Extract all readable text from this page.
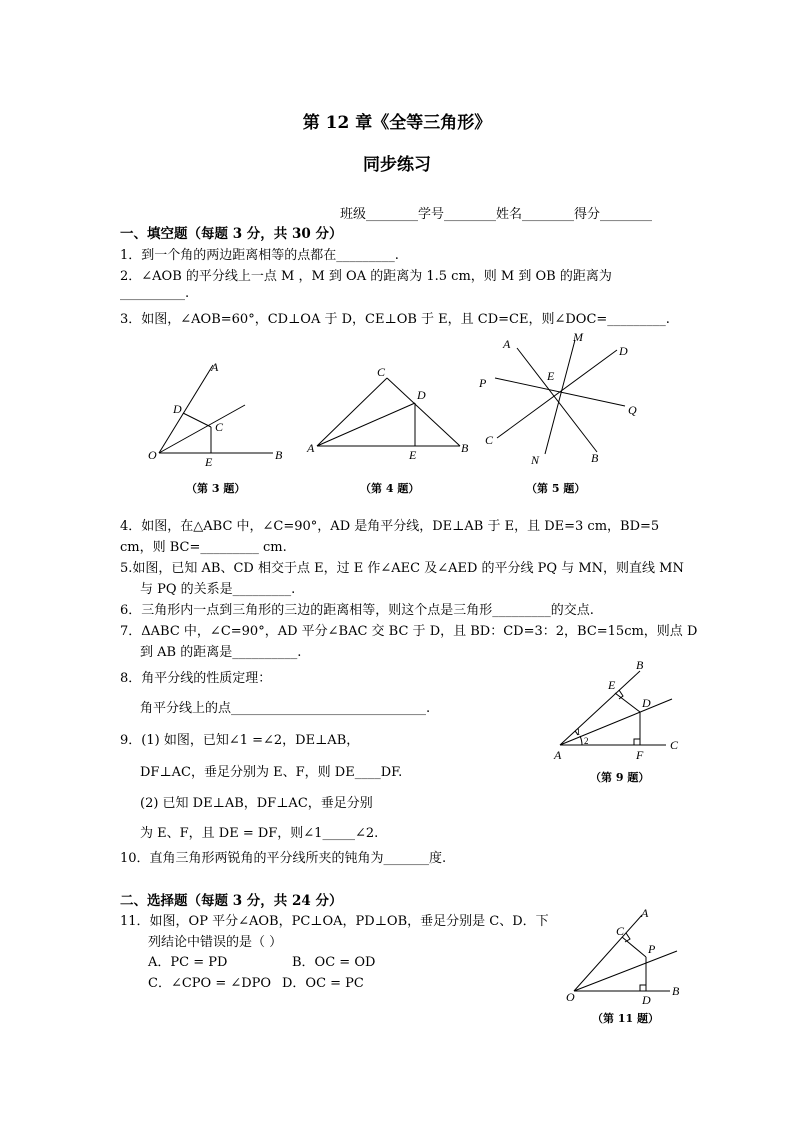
第 12 章《全等三角形》
同步练习
班级________学号________姓名________得分________
一、填空题（每题 3 分，共 30 分）
1．到一个角的两边距离相等的点都在_________.
2．∠AOB 的平分线上一点 M ，M 到 OA 的距离为 1.5 cm，则 M 到 OB 的距离为
__________.
3．如图，∠AOB=60°，CD⊥OA 于 D，CE⊥OB 于 E，且 CD=CE，则∠DOC=_________.
A
D
C
O	E	B
（第 3 题）
C
D
A	E	B
（第 4 题）
A	M
D
P	E
Q
C
N	B
（第 5 题）
4．如图，在△ABC 中，∠C=90°，AD 是角平分线，DE⊥AB 于 E，且 DE=3 cm，BD=5
cm，则 BC=_________ cm.
5.如图，已知 AB、CD 相交于点 E，过 E 作∠AEC 及∠AED 的平分线 PQ 与 MN，则直线 MN
与 PQ 的关系是_________.
6．三角形内一点到三角形的三边的距离相等，则这个点是三角形_________的交点.
7．ΔABC 中，∠C=90°，AD 平分∠BAC 交 BC 于 D，且 BD：CD=3：2，BC=15cm，则点 D
到 AB 的距离是__________.
8．角平分线的性质定理：
角平分线上的点______________________________.
9．(1) 如图，已知∠1 =∠2，DE⊥AB，
DF⊥AC，垂足分别为 E、F，则 DE____DF.
(2) 已知 DE⊥AB，DF⊥AC，垂足分别
为 E、F，且 DE = DF，则∠1_____∠2.
10．直角三角形两锐角的平分线所夹的钝角为_______度.
B
E
D
1
2
A	F
C
（第 9 题）
二、选择题（每题 3 分，共 24 分）
11．如图，OP 平分∠AOB，PC⊥OA，PD⊥OB，垂足分别是 C、D．下
列结论中错误的是（ ）
A．PC = PD	B．OC = OD
C．∠CPO = ∠DPO D．OC = PC
A
C
P
O	D
B
（第 11 题）
